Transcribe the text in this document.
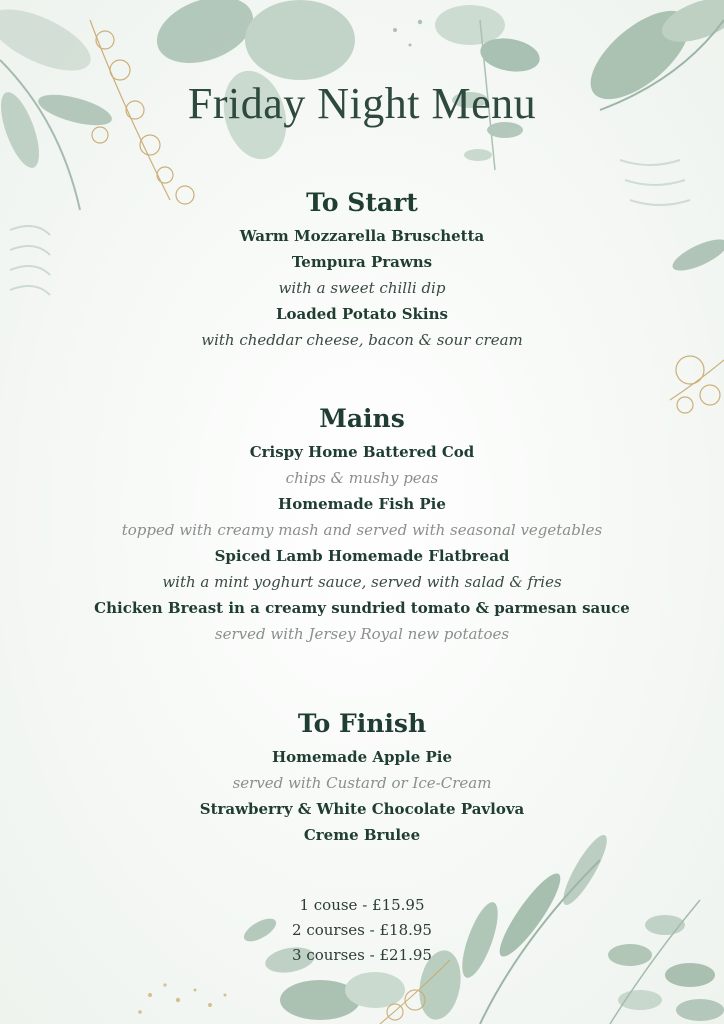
Friday Night Menu
To Start
Warm Mozzarella Bruschetta
Tempura Prawns
with a sweet chilli dip
Loaded Potato Skins
with cheddar cheese, bacon & sour cream
Mains
Crispy Home Battered Cod
chips & mushy peas
Homemade Fish Pie
topped with creamy mash and served with seasonal vegetables
Spiced Lamb Homemade Flatbread
with a mint yoghurt sauce, served with salad & fries
Chicken Breast in a creamy sundried tomato & parmesan sauce
served with Jersey Royal new potatoes
To Finish
Homemade Apple Pie
served with Custard or Ice-Cream
Strawberry & White Chocolate Pavlova
Creme Brulee
1 couse - £15.95
2 courses - £18.95
3 courses - £21.95
